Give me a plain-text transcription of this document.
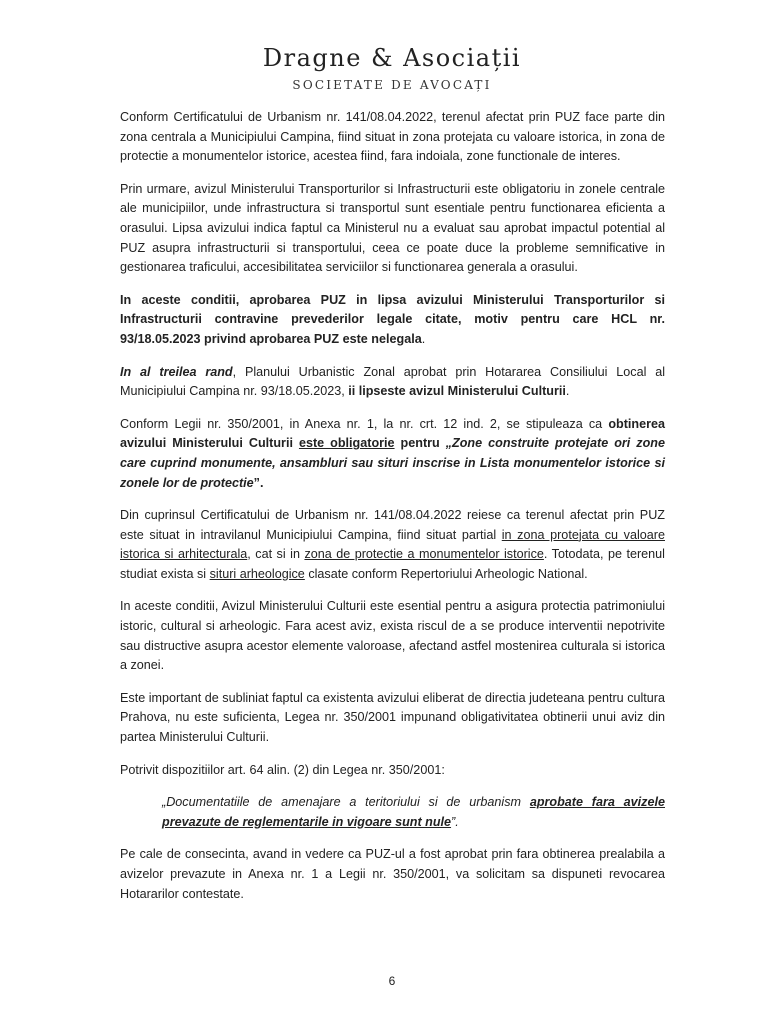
Dragne & Asociații
SOCIETATE DE AVOCAȚI

Conform Certificatului de Urbanism nr. 141/08.04.2022, terenul afectat prin PUZ face parte din zona centrala a Municipiului Campina, fiind situat in zona protejata cu valoare istorica, in zona de protectie a monumentelor istorice, acestea fiind, fara indoiala, zone functionale de interes.

Prin urmare, avizul Ministerului Transporturilor si Infrastructurii este obligatoriu in zonele centrale ale municipiilor, unde infrastructura si transportul sunt esentiale pentru functionarea eficienta a orasului. Lipsa avizului indica faptul ca Ministerul nu a evaluat sau aprobat impactul potential al PUZ asupra infrastructurii si transportului, ceea ce poate duce la probleme semnificative in gestionarea traficului, accesibilitatea serviciilor si functionarea generala a orasului.

In aceste conditii, aprobarea PUZ in lipsa avizului Ministerului Transporturilor si Infrastructurii contravine prevederilor legale citate, motiv pentru care HCL nr. 93/18.05.2023 privind aprobarea PUZ este nelegala.

In al treilea rand, Planului Urbanistic Zonal aprobat prin Hotararea Consiliului Local al Municipiului Campina nr. 93/18.05.2023, ii lipseste avizul Ministerului Culturii.

Conform Legii nr. 350/2001, in Anexa nr. 1, la nr. crt. 12 ind. 2, se stipuleaza ca obtinerea avizului Ministerului Culturii este obligatorie pentru „Zone construite protejate ori zone care cuprind monumente, ansambluri sau situri inscrise in Lista monumentelor istorice si zonele lor de protectie”.

Din cuprinsul Certificatului de Urbanism nr. 141/08.04.2022 reiese ca terenul afectat prin PUZ este situat in intravilanul Municipiului Campina, fiind situat partial in zona protejata cu valoare istorica si arhitecturala, cat si in zona de protectie a monumentelor istorice. Totodata, pe terenul studiat exista si situri arheologice clasate conform Repertoriului Arheologic National.

In aceste conditii, Avizul Ministerului Culturii este esential pentru a asigura protectia patrimoniului istoric, cultural si arheologic. Fara acest aviz, exista riscul de a se produce interventii nepotrivite sau distructive asupra acestor elemente valoroase, afectand astfel mostenirea culturala si istorica a zonei.

Este important de subliniat faptul ca existenta avizului eliberat de directia judeteana pentru cultura Prahova, nu este suficienta, Legea nr. 350/2001 impunand obligativitatea obtinerii unui aviz din partea Ministerului Culturii.

Potrivit dispozitiilor art. 64 alin. (2) din Legea nr. 350/2001:

„Documentatiile de amenajare a teritoriului si de urbanism aprobate fara avizele prevazute de reglementarile in vigoare sunt nule”.

Pe cale de consecinta, avand in vedere ca PUZ-ul a fost aprobat prin fara obtinerea prealabila a avizelor prevazute in Anexa nr. 1 a Legii nr. 350/2001, va solicitam sa dispuneti revocarea Hotararilor contestate.

6
